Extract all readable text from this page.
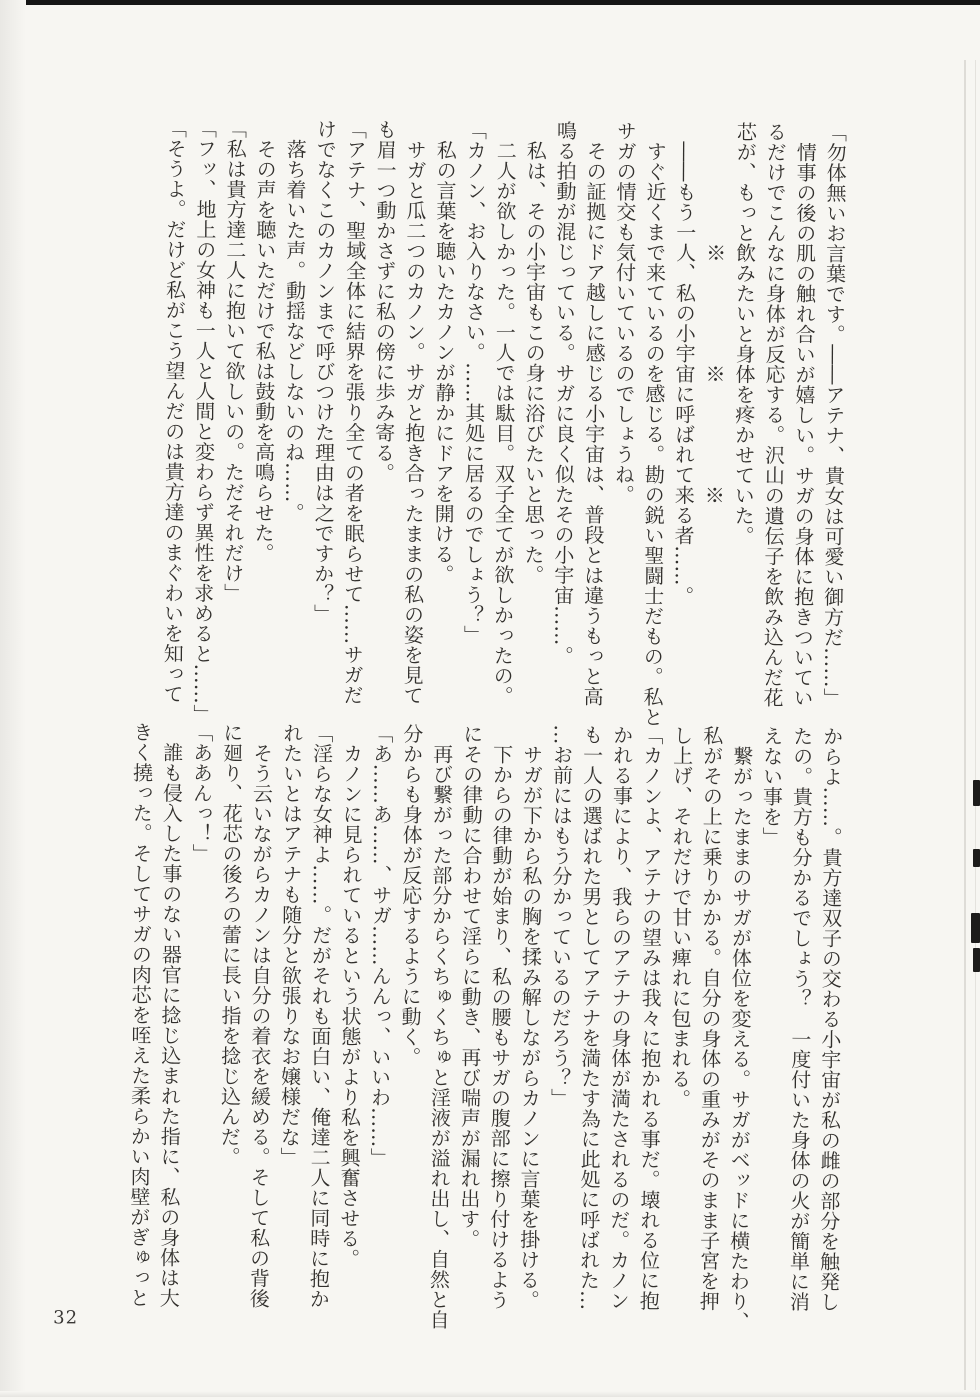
「勿体無いお言葉です。――アテナ、貴女は可愛い御方だ……」
　情事の後の肌の触れ合いが嬉しい。サガの身体に抱きついてい
るだけでこんなに身体が反応する。沢山の遺伝子を飲み込んだ花
芯が、もっと飲みたいと身体を疼かせていた。
　　　　　　※　　　　　※　　　　　※
　――もう一人、私の小宇宙に呼ばれて来る者……。
　すぐ近くまで来ているのを感じる。勘の鋭い聖闘士だもの。私と
サガの情交も気付いているのでしょうね。
　その証拠にドア越しに感じる小宇宙は、普段とは違うもっと高
鳴る拍動が混じっている。サガに良く似たその小宇宙……。
　私は、その小宇宙もこの身に浴びたいと思った。
　二人が欲しかった。一人では駄目。双子全てが欲しかったの。
「カノン、お入りなさい。……其処に居るのでしょう？」
　私の言葉を聴いたカノンが静かにドアを開ける。
　サガと瓜二つのカノン。サガと抱き合ったままの私の姿を見て
も眉一つ動かさずに私の傍に歩み寄る。
「アテナ、聖域全体に結界を張り全ての者を眠らせて……サガだ
けでなくこのカノンまで呼びつけた理由は之ですか？」
　落ち着いた声。動揺などしないのね……。
　その声を聴いただけで私は鼓動を高鳴らせた。
「私は貴方達二人に抱いて欲しいの。ただそれだけ」
「フッ、地上の女神も一人と人間と変わらず異性を求めると……」
「そうよ。だけど私がこう望んだのは貴方達のまぐわいを知って
からよ……。貴方達双子の交わる小宇宙が私の雌の部分を触発し
たの。貴方も分かるでしょう？　一度付いた身体の火が簡単に消
えない事を」
　繋がったままのサガが体位を変える。サガがベッドに横たわり、
私がその上に乗りかかる。自分の身体の重みがそのまま子宮を押
し上げ、それだけで甘い痺れに包まれる。
「カノンよ、アテナの望みは我々に抱かれる事だ。壊れる位に抱
かれる事により、我らのアテナの身体が満たされるのだ。カノン
も一人の選ばれた男としてアテナを満たす為に此処に呼ばれた…
…お前にはもう分かっているのだろう？」
　サガが下から私の胸を揉み解しながらカノンに言葉を掛ける。
　下からの律動が始まり、私の腰もサガの腹部に擦り付けるよう
にその律動に合わせて淫らに動き、再び喘声が漏れ出す。
　再び繋がった部分からくちゅくちゅと淫液が溢れ出し、自然と自
分からも身体が反応するように動く。
「あ……あ……、サガ……んんっ、いいわ……」
　カノンに見られているという状態がより私を興奮させる。
「淫らな女神よ……。だがそれも面白い、俺達二人に同時に抱か
れたいとはアテナも随分と欲張りなお嬢様だな」
　そう云いながらカノンは自分の着衣を緩める。そして私の背後
に廻り、花芯の後ろの蕾に長い指を捻じ込んだ。
「ああんっ！」
　誰も侵入した事のない器官に捻じ込まれた指に、私の身体は大
きく撓った。そしてサガの肉芯を咥えた柔らかい肉壁がぎゅっと
32
